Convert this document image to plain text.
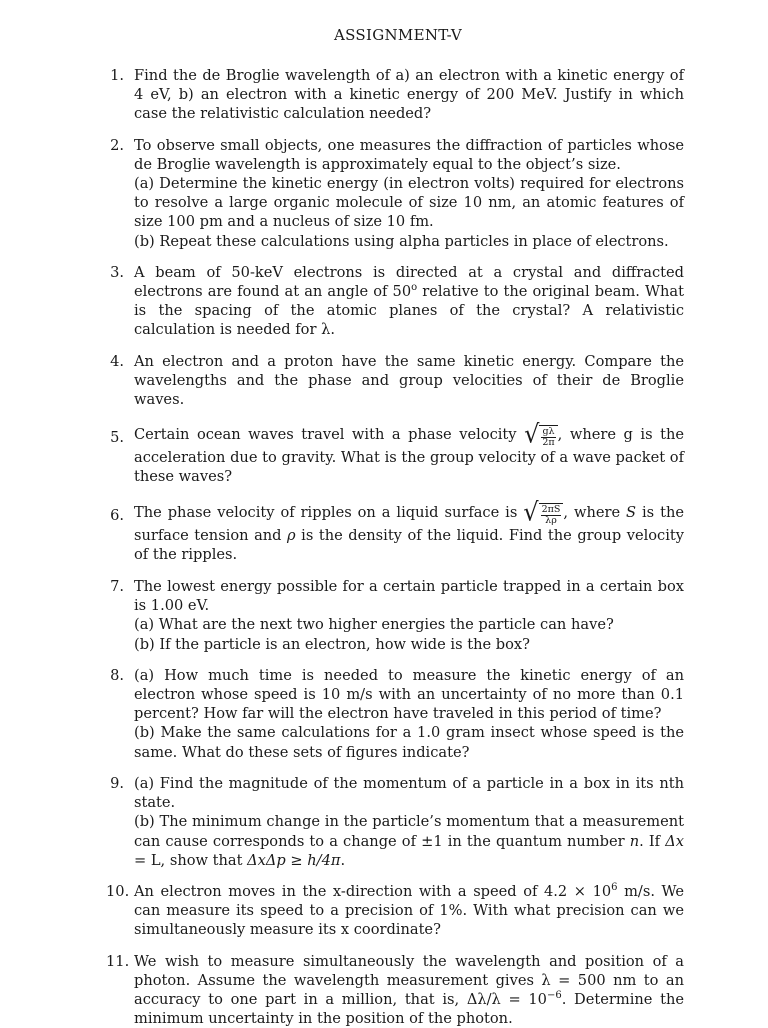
ASSIGNMENT-V
1. Find the de Broglie wavelength of a) an electron with a kinetic energy of 4 eV, b) an electron with a kinetic energy of 200 MeV. Justify in which case the relativistic calculation needed?
2. To observe small objects, one measures the diffraction of particles whose de Broglie wavelength is approximately equal to the object’s size.
(a) Determine the kinetic energy (in electron volts) required for electrons to resolve a large organic molecule of size 10 nm, an atomic features of size 100 pm and a nucleus of size 10 fm.
(b) Repeat these calculations using alpha particles in place of electrons.
3. A beam of 50-keV electrons is directed at a crystal and diffracted electrons are found at an angle of 50$^o$ relative to the original beam. What is the spacing of the atomic planes of the crystal? A relativistic calculation is needed for λ.
4. An electron and a proton have the same kinetic energy. Compare the wavelengths and the phase and group velocities of their de Broglie waves.
5. Certain ocean waves travel with a phase velocity √ $\frac{g\lambda}{2\pi}$ , where g is the acceleration due to gravity. What is the group velocity of a wave packet of these waves?
6. The phase velocity of ripples on a liquid surface is √ $\frac{2\pi S}{\lambda\rho}$ , where S is the surface tension and ρ is the density of the liquid. Find the group velocity of the ripples.
7. The lowest energy possible for a certain particle trapped in a certain box is 1.00 eV.
(a) What are the next two higher energies the particle can have?
(b) If the particle is an electron, how wide is the box?
8. (a) How much time is needed to measure the kinetic energy of an electron whose speed is 10 m/s with an uncertainty of no more than 0.1 percent? How far will the electron have traveled in this period of time?
(b) Make the same calculations for a 1.0 gram insect whose speed is the same. What do these sets of figures indicate?
9. (a) Find the magnitude of the momentum of a particle in a box in its nth state.
(b) The minimum change in the particle’s momentum that a measurement can cause corresponds to a change of ±1 in the quantum number n. If Δx = L, show that ΔxΔp ≥ h/4π.
10. An electron moves in the x-direction with a speed of $4.2 \times 10^6$ m/s. We can measure its speed to a precision of 1%. With what precision can we simultaneously measure its x coordinate?
11. We wish to measure simultaneously the wavelength and position of a photon. Assume the wavelength measurement gives λ = 500 nm to an accuracy to one part in a million, that is, $\Delta\lambda/\lambda = 10^{-6}$. Determine the minimum uncertainty in the position of the photon.
